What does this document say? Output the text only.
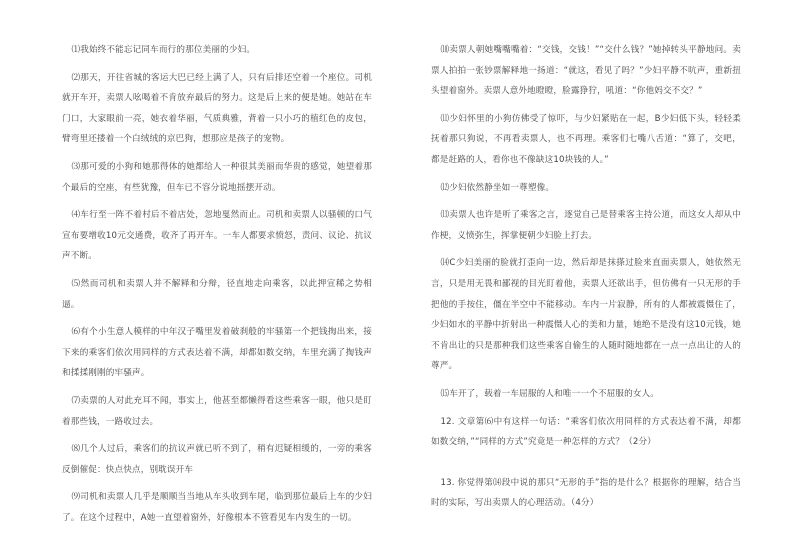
⑴我始终不能忘记同车而行的那位美丽的少妇。

⑵那天，开往省城的客运大巴已经上满了人，只有后排还空着一个座位。司机就开车开，卖票人吆喝着不肯放弃最后的努力。这是后上来的便是她。她站在车门口，大家眼前一亮，她衣着华丽，气质典雅，背着一只小巧的植红色的皮包，臂弯里还搂着一个白绒绒的京巴狗，想那应是孩子的宠物。

⑶那可爱的小狗和她那得体的她都给人一种很其美丽而华贵的感觉，她望着那个最后的空座，有些犹豫，但车已不容分说地摇摆开动。

⑷车行至一阵不着村后不着店处，忽地戛然而止。司机和卖票人以骚顿的口气宣布要增收10元交通费，收齐了再开车。一车人都要求愤怒，责问、议论、抗议声不断。

⑸然而司机和卖票人并不解释和分辩，径直地走向乘客，以此押宣稀之势相逼。

⑹有个小生意人模样的中年汉子嘴里发着破刹般的牢骚第一个把钱掏出来，接下来的乘客们依次用同样的方式表达着不满，却都如数交纳，车里充满了掏钱声和揉揉刚刚的牢骚声。

⑺卖票的人对此充耳不闻，事实上，他甚至都懒得看这些乘客一眼，他只是盯着那些钱，一路收过去。

⑻几个人过后，乘客们的抗议声就已听不到了，稍有迟疑相缓的，一旁的乘客反倒催促：快点快点，别耽误开车

⑼司机和卖票人几乎是顺顺当当地从车头收到车尾，临到那位最后上车的少妇了。在这个过程中，A她一直望着窗外，好像根本不管看见车内发生的一切。

⑽卖票人朝她嘴嘴嘴着：“交钱，交钱！”“交什么钱？”她掉转头平静地问。卖票人拍拍一张钞票解释地一扬道：“就这，看见了吗？”少妇平静不吭声，重新扭头望着窗外。卖票人意外地瞪瞪，脸露狰狞，吼道：“你他妈交不交？”

⑾少妇怀里的小狗仿佛受了惊吓，与少妇紧贴在一起，B少妇低下头，轻轻柔抚着那只狗说，不再看卖票人，也不再理。乘客们七嘴八舌道：“算了，交吧，都是赶路的人，看你也不像缺这10块钱的人。”

⑿少妇依然静坐如一尊塑像。

⒀卖票人也许是听了乘客之言，逐觉自己是替乘客主持公道，而这女人却从中作梗，义愤弥生，挥掌便朝少妇脸上打去。

⒁C少妇美丽的脸就打歪向一边，然后却是抹搽过脸来直面卖票人，她依然无言，只是用无畏和鄙视的目光盯着他，卖票人还欲出手，但仿佛有一只无形的手把他的手按住，僵在半空中不能移动。车内一片寂静，所有的人都被震慑住了，少妇如水的平静中折射出一种震慑人心的美和力量，她绝不是没有这10元钱，她不肯出让的只是那种我们这些乘客自偷生的人随时随地都在一点一点出让的人的尊严。

⒂车开了，载着一车屈服的人和唯一一个不屈服的女人。

12. 文章第⑹中有这样一句话：“乘客们依次用同样的方式表达着不满，却都如数交纳，”“同样的方式”究竟是一种怎样的方式？（2分）

13. 你觉得第⒁段中说的那只“无形的手”指的是什么？根据你的理解，结合当时的实际，写出卖票人的心理活动。（4分）
